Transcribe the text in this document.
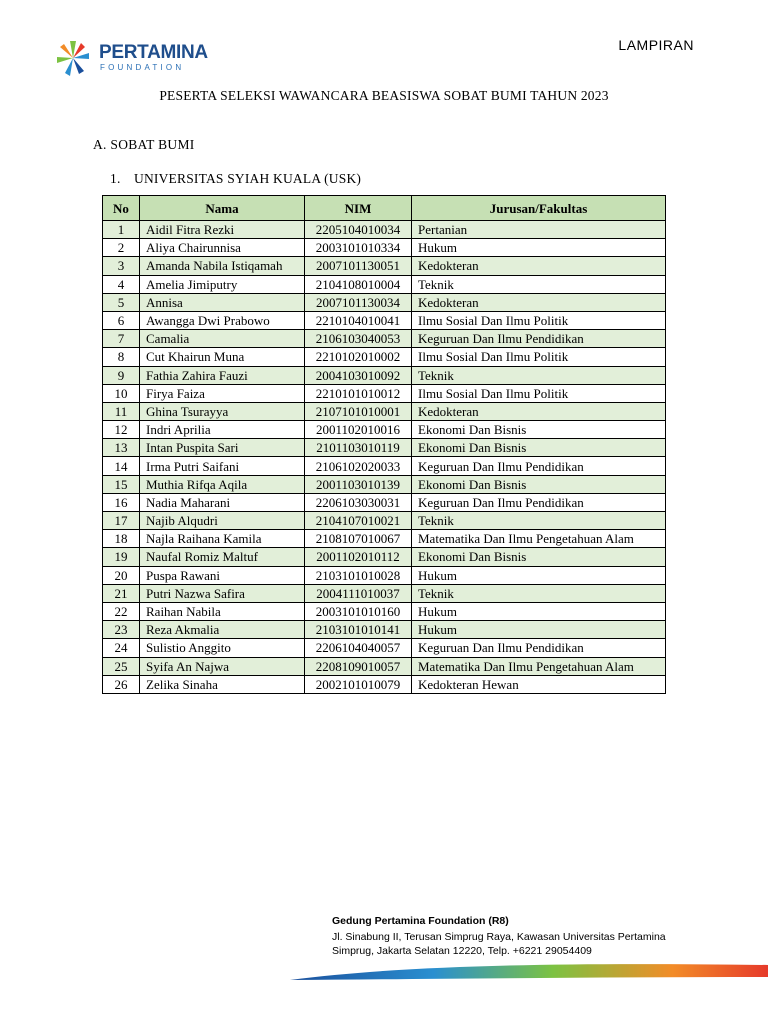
PERTAMINA
FOUNDATION
LAMPIRAN
PESERTA SELEKSI WAWANCARA BEASISWA SOBAT BUMI TAHUN 2023
A. SOBAT BUMI
1. UNIVERSITAS SYIAH KUALA (USK)
No	Nama	NIM	Jurusan/Fakultas
1	Aidil Fitra Rezki	2205104010034	Pertanian
2	Aliya Chairunnisa	2003101010334	Hukum
3	Amanda Nabila Istiqamah	2007101130051	Kedokteran
4	Amelia Jimiputry	2104108010004	Teknik
5	Annisa	2007101130034	Kedokteran
6	Awangga Dwi Prabowo	2210104010041	Ilmu Sosial Dan Ilmu Politik
7	Camalia	2106103040053	Keguruan Dan Ilmu Pendidikan
8	Cut Khairun Muna	2210102010002	Ilmu Sosial Dan Ilmu Politik
9	Fathia Zahira Fauzi	2004103010092	Teknik
10	Firya Faiza	2210101010012	Ilmu Sosial Dan Ilmu Politik
11	Ghina Tsurayya	2107101010001	Kedokteran
12	Indri Aprilia	2001102010016	Ekonomi Dan Bisnis
13	Intan Puspita Sari	2101103010119	Ekonomi Dan Bisnis
14	Irma Putri Saifani	2106102020033	Keguruan Dan Ilmu Pendidikan
15	Muthia Rifqa Aqila	2001103010139	Ekonomi Dan Bisnis
16	Nadia Maharani	2206103030031	Keguruan Dan Ilmu Pendidikan
17	Najib Alqudri	2104107010021	Teknik
18	Najla Raihana Kamila	2108107010067	Matematika Dan Ilmu Pengetahuan Alam
19	Naufal Romiz Maltuf	2001102010112	Ekonomi Dan Bisnis
20	Puspa Rawani	2103101010028	Hukum
21	Putri Nazwa Safira	2004111010037	Teknik
22	Raihan Nabila	2003101010160	Hukum
23	Reza Akmalia	2103101010141	Hukum
24	Sulistio Anggito	2206104040057	Keguruan Dan Ilmu Pendidikan
25	Syifa An Najwa	2208109010057	Matematika Dan Ilmu Pengetahuan Alam
26	Zelika Sinaha	2002101010079	Kedokteran Hewan
Gedung Pertamina Foundation (R8)
Jl. Sinabung II, Terusan Simprug Raya, Kawasan Universitas Pertamina
Simprug, Jakarta Selatan 12220, Telp. +6221 29054409
